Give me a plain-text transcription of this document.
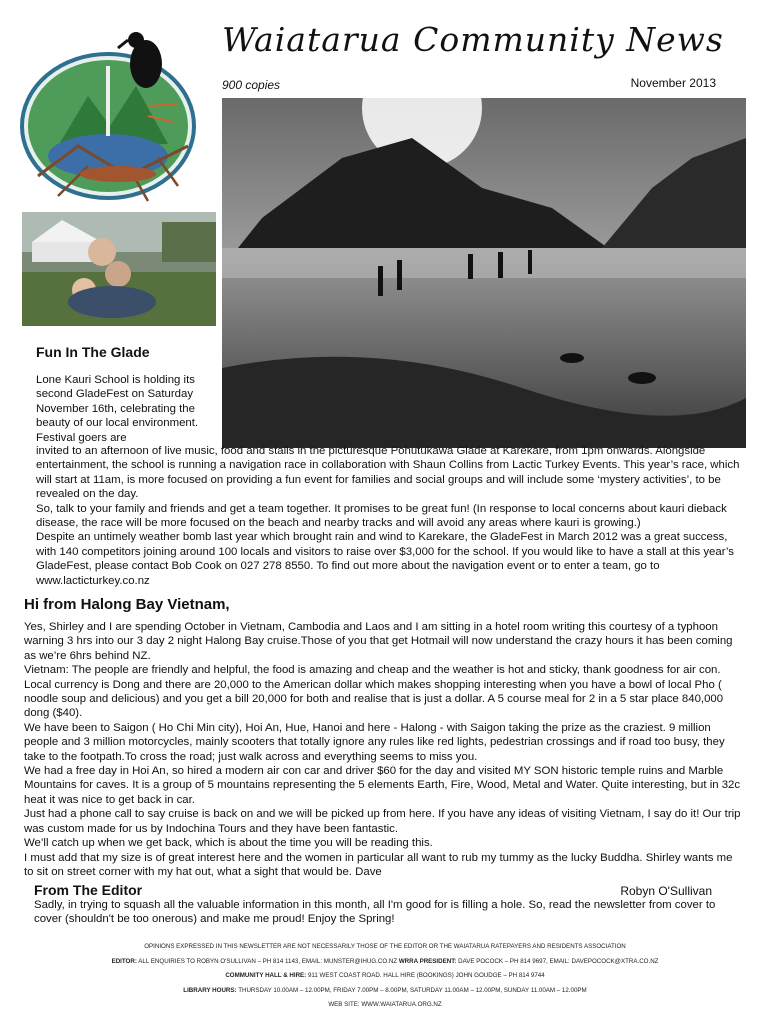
Waiatarua Community News
900 copies	November 2013
Fun In The Glade
Lone Kauri School is holding its second GladeFest on Saturday November 16th, celebrating the beauty of our local environment. Festival goers are

invited to an afternoon of live music, food and stalls in the picturesque Pohutukawa Glade at Karekare, from 1pm onwards. Alongside entertainment, the school is running a navigation race in collaboration with Shaun Collins from Lactic Turkey Events. This year’s race, which will start at 11am, is more focused on providing a fun event for families and social groups and will include some ‘mystery activities’, to be revealed on the day.

So, talk to your family and friends and get a team together. It promises to be great fun! (In response to local concerns about kauri dieback disease, the race will be more focused on the beach and nearby tracks and will avoid any areas where kauri is growing.)

Despite an untimely weather bomb last year which brought rain and wind to Karekare, the GladeFest in March 2012 was a great success, with 140 competitors joining around 100 locals and visitors to raise over $3,000 for the school. If you would like to have a stall at this year’s GladeFest, please contact Bob Cook on 027 278 8550. To find out more about the navigation event or to enter a team, go to www.lacticturkey.co.nz

Hi from Halong Bay Vietnam,

Yes, Shirley and I are spending October in Vietnam, Cambodia and Laos and I am sitting in a hotel room writing this courtesy of a typhoon warning 3 hrs into our 3 day 2 night Halong Bay cruise.Those of you that get Hotmail will now understand the crazy hours it has been coming as we’re 6hrs behind NZ.

Vietnam: The people are friendly and helpful, the food is amazing and cheap and the weather is hot and sticky, thank goodness for air con. Local currency is Dong and there are 20,000 to the American dollar which makes shopping interesting when you have a bowl of local Pho ( noodle soup and delicious) and you get a bill 20,000 for both and realise that is just a dollar. A 5 course meal for 2 in a 5 star place 840,000 dong ($40).

We have been to Saigon ( Ho Chi Min city), Hoi An, Hue, Hanoi and here - Halong - with Saigon taking the prize as the craziest. 9 million people and 3 million motorcycles, mainly scooters that totally ignore any rules like red lights, pedestrian crossings and if road too busy, they take to the footpath.To cross the road; just walk across and everything seems to miss you.

We had a free day in Hoi An, so hired a modern air con car and driver $60 for the day and visited MY SON historic temple ruins and Marble Mountains for caves. It is a group of 5 mountains representing the 5 elements Earth, Fire, Wood, Metal and Water. Quite interesting, but in 32c heat it was nice to get back in car.

Just had a phone call to say cruise is back on and we will be picked up from here. If you have any ideas of visiting Vietnam, I say do it! Our trip was custom made for us by Indochina Tours and they have been fantastic.

We’ll catch up when we get back, which is about the time you will be reading this.

I must add that my size is of great interest here and the women in particular all want to rub my tummy as the lucky Buddha. Shirley wants me to sit on street corner with my hat out, what a sight that would be. Dave

From The Editor	Robyn O'Sullivan

Sadly, in trying to squash all the valuable information in this month, all I'm good for is filling a hole. So, read the newsletter from cover to cover (shouldn't be too onerous) and make me proud! Enjoy the Spring!

OPINIONS EXPRESSED IN THIS NEWSLETTER ARE NOT NECESSARILY THOSE OF THE EDITOR OR THE WAIATARUA RATEPAYERS AND RESIDENTS ASSOCIATION
EDITOR: ALL ENQUIRIES TO ROBYN O'SULLIVAN – PH 814 1143, EMAIL: MUNSTER@IHUG.CO.NZ WRRA PRESIDENT: DAVE POCOCK – PH 814 9697, EMAIL: DAVEPOCOCK@XTRA.CO.NZ
COMMUNITY HALL & HIRE: 911 WEST COAST ROAD. HALL HIRE (BOOKINGS) JOHN GOUDGE – PH 814 9744
LIBRARY HOURS: THURSDAY 10.00AM – 12.00PM, FRIDAY 7.00PM – 8.00PM, SATURDAY 11.00AM – 12.00PM, SUNDAY 11.00AM – 12.00PM
WEB SITE: WWW.WAIATARUA.ORG.NZ
